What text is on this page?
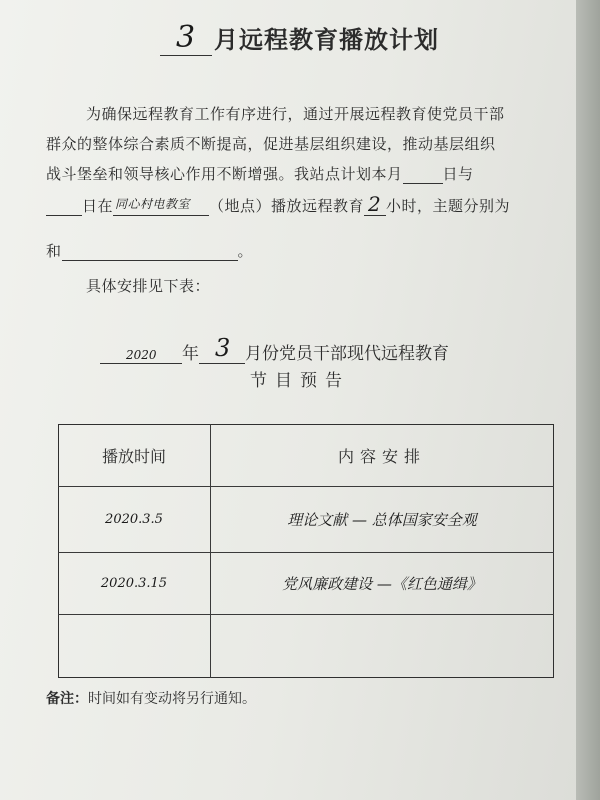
3 月远程教育播放计划
为确保远程教育工作有序进行，通过开展远程教育使党员干部
群众的整体综合素质不断提高，促进基层组织建设，推动基层组织
战斗堡垒和领导核心作用不断增强。我站点计划本月	日与
日在 同心村电教室 （地点）播放远程教育 2 小时，主题分别为
和	。
具体安排见下表：
2020 年 3 月份党员干部现代远程教育
节目预告
播放时间	内容安排
2020.3.5	理论文献 — 总体国家安全观
2020.3.15	党风廉政建设 —《红色通缉》
备注：时间如有变动将另行通知。
